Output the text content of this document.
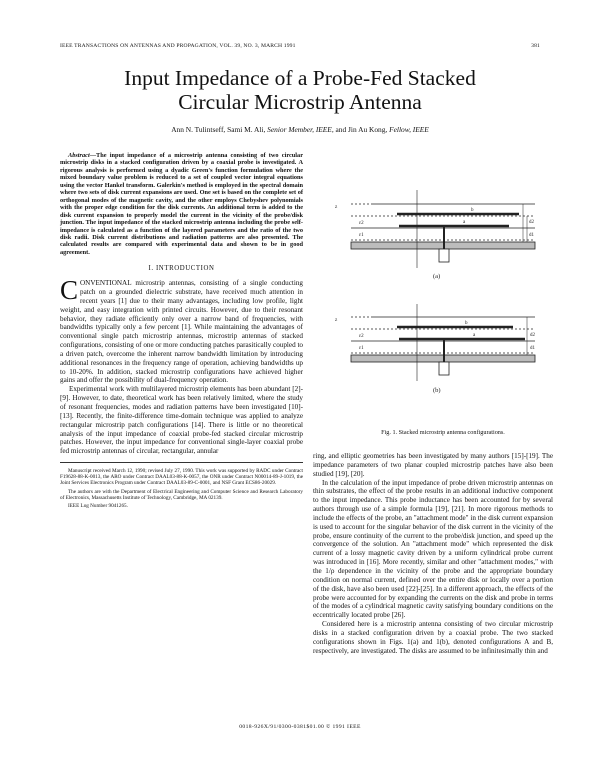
IEEE TRANSACTIONS ON ANTENNAS AND PROPAGATION, VOL. 39, NO. 3, MARCH 1991	381
Input Impedance of a Probe-Fed Stacked
Circular Microstrip Antenna
Ann N. Tulintseff, Sami M. Ali, Senior Member, IEEE, and Jin Au Kong, Fellow, IEEE

Abstract—The input impedance of a microstrip antenna consisting of two circular microstrip disks in a stacked configuration driven by a coaxial probe is investigated. A rigorous analysis is performed using a dyadic Green's function formulation where the mixed boundary value problem is reduced to a set of coupled vector integral equations using the vector Hankel transform. Galerkin's method is employed in the spectral domain where two sets of disk current expansions are used. One set is based on the complete set of orthogonal modes of the magnetic cavity, and the other employs Chebyshev polynomials with the proper edge condition for the disk currents. An additional term is added to the disk current expansion to properly model the current in the vicinity of the probe/disk junction. The input impedance of the stacked microstrip antenna including the probe self-impedance is calculated as a function of the layered parameters and the ratio of the two disk radii. Disk current distributions and radiation patterns are also presented. The calculated results are compared with experimental data and shown to be in good agreement.

I. INTRODUCTION

CONVENTIONAL microstrip antennas, consisting of a single conducting patch on a grounded dielectric substrate, have received much attention in recent years [1] due to their many advantages, including low profile, light weight, and easy integration with printed circuits. However, due to their resonant behavior, they radiate efficiently only over a narrow band of frequencies, with bandwidths typically only a few percent [1]. While maintaining the advantages of conventional single patch microstrip antennas, microstrip antennas of stacked configurations, consisting of one or more conducting patches parasitically coupled to a driven patch, overcome the inherent narrow bandwidth limitation by introducing additional resonances in the frequency range of operation, achieving bandwidths up to 10-20%. In addition, stacked microstrip configurations have achieved higher gains and offer the possibility of dual-frequency operation.

Experimental work with multilayered microstrip elements has been abundant [2]-[9]. However, to date, theoretical work has been relatively limited, where the study of resonant frequencies, modes and radiation patterns have been investigated [10]-[13]. Recently, the finite-difference time-domain technique was applied to analyze rectangular microstrip patch configurations [14]. There is little or no theoretical analysis of the input impedance of coaxial probe-fed stacked circular microstrip patches. However, the input impedance for conventional single-layer coaxial probe fed microstrip antennas of circular, rectangular, annular

Manuscript received March 12, 1990; revised July 27, 1990. This work was supported by RADC under Contract F19628-88-K-0013, the ARO under Contract DAAL03-88-K-0057, the ONR under Contract N00014-89-J-1019, the Joint Services Electronics Program under Contract DAAL03-89-C-0001, and NSF Grant ECS86-20029.

The authors are with the Department of Electrical Engineering and Computer Science and Research Laboratory of Electronics, Massachusetts Institute of Technology, Cambridge, MA 02139.

IEEE Log Number 9041265.

z
ε2
ε1
b
a	d2
d1
(a)
z
ε2
ε1
b
a	d2
d1
(b)
Fig. 1. Stacked microstrip antenna configurations.

ring, and elliptic geometries has been investigated by many authors [15]-[19]. The impedance parameters of two planar coupled microstrip patches have also been studied [19], [20].

In the calculation of the input impedance of probe driven microstrip antennas on thin substrates, the effect of the probe results in an additional inductive component to the input impedance. This probe inductance has been accounted for by several authors through use of a simple formula [19], [21]. In more rigorous methods to include the effects of the probe, an "attachment mode" in the disk current expansion is used to account for the singular behavior of the disk current in the vicinity of the probe, ensure continuity of the current to the probe/disk junction, and speed up the convergence of the solution. An "attachment mode" which represented the disk current of a lossy magnetic cavity driven by a uniform cylindrical probe current was introduced in [16]. More recently, similar and other "attachment modes," with the 1/ρ dependence in the vicinity of the probe and the appropriate boundary condition on normal current, defined over the entire disk or locally over a portion of the disk, have also been used [22]-[25]. In a different approach, the effects of the probe were accounted for by expanding the currents on the disk and probe in terms of the modes of a cylindrical magnetic cavity satisfying boundary conditions on the eccentrically located probe [26].

Considered here is a microstrip antenna consisting of two circular microstrip disks in a stacked configuration driven by a coaxial probe. The two stacked configurations shown in Figs. 1(a) and 1(b), denoted configurations A and B, respectively, are investigated. The disks are assumed to be infinitesimally thin and

0018-926X/91/0300-0381$01.00 © 1991 IEEE
